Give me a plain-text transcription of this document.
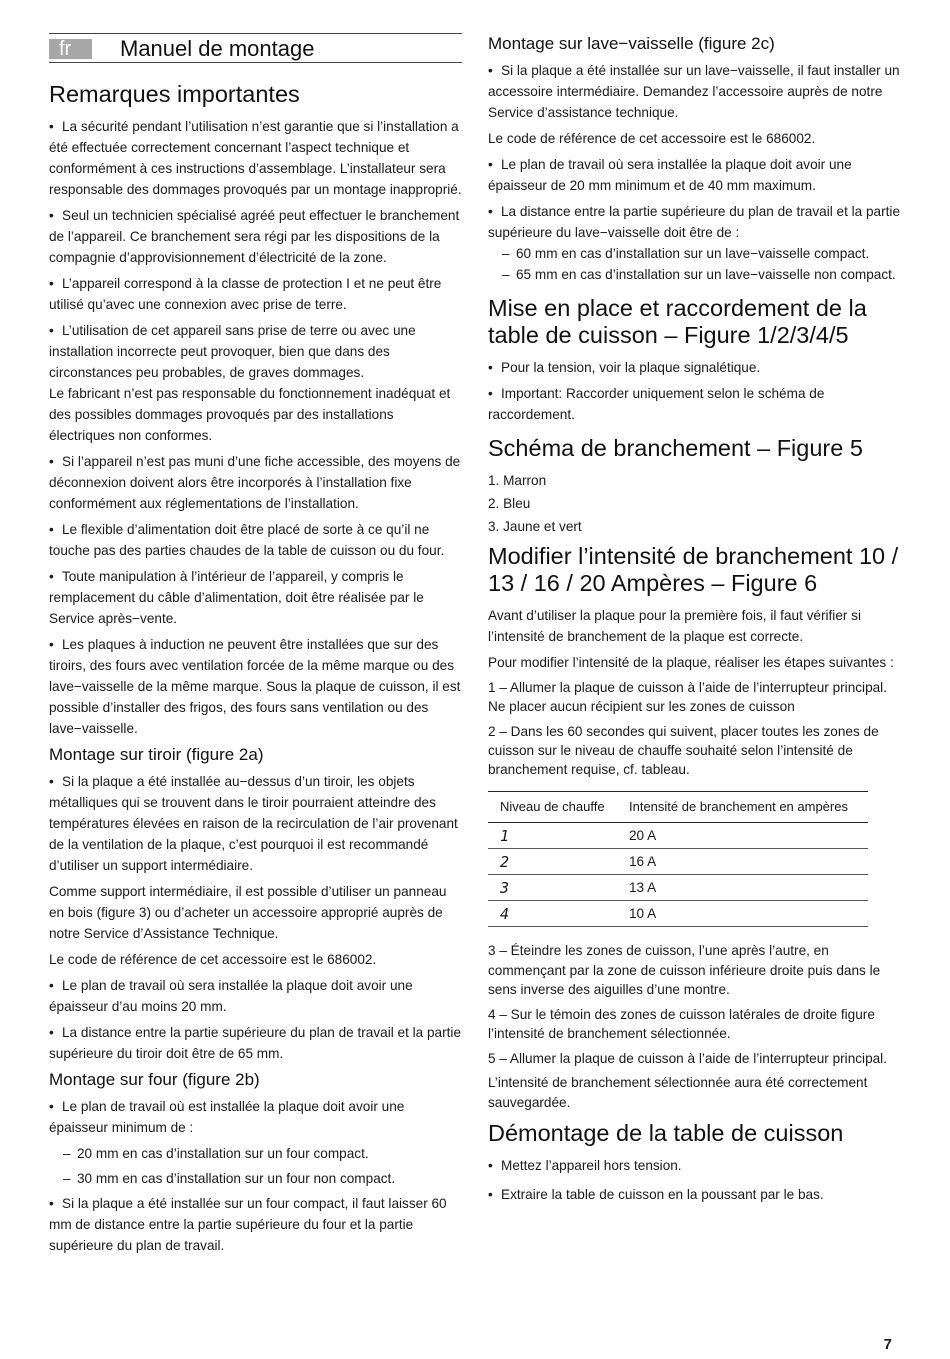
fr	Manuel de montage
Remarques importantes
• La sécurité pendant l’utilisation n’est garantie que si l’installation a été effectuée correctement concernant l’aspect technique et conformément à ces instructions d’assemblage. L’installateur sera responsable des dommages provoqués par un montage inapproprié.
• Seul un technicien spécialisé agréé peut effectuer le branchement de l’appareil. Ce branchement sera régi par les dispositions de la compagnie d’approvisionnement d’électricité de la zone.
• L’appareil correspond à la classe de protection I et ne peut être utilisé qu’avec une connexion avec prise de terre.
• L’utilisation de cet appareil sans prise de terre ou avec une installation incorrecte peut provoquer, bien que dans des circonstances peu probables, de graves dommages.
Le fabricant n’est pas responsable du fonctionnement inadéquat et des possibles dommages provoqués par des installations électriques non conformes.
• Si l’appareil n’est pas muni d’une fiche accessible, des moyens de déconnexion doivent alors être incorporés à l’installation fixe conformément aux réglementations de l’installation.
• Le flexible d’alimentation doit être placé de sorte à ce qu’il ne touche pas des parties chaudes de la table de cuisson ou du four.
• Toute manipulation à l’intérieur de l’appareil, y compris le remplacement du câble d’alimentation, doit être réalisée par le Service après−vente.
• Les plaques à induction ne peuvent être installées que sur des tiroirs, des fours avec ventilation forcée de la même marque ou des lave−vaisselle de la même marque. Sous la plaque de cuisson, il est possible d’installer des frigos, des fours sans ventilation ou des lave−vaisselle.
Montage sur tiroir (figure 2a)
• Si la plaque a été installée au−dessus d’un tiroir, les objets métalliques qui se trouvent dans le tiroir pourraient atteindre des températures élevées en raison de la recirculation de l’air provenant de la ventilation de la plaque, c’est pourquoi il est recommandé d’utiliser un support intermédiaire.

Comme support intermédiaire, il est possible d’utiliser un panneau en bois (figure 3) ou d’acheter un accessoire approprié auprès de notre Service d’Assistance Technique.

Le code de référence de cet accessoire est le 686002.

• Le plan de travail où sera installée la plaque doit avoir une épaisseur d’au moins 20 mm.
• La distance entre la partie supérieure du plan de travail et la partie supérieure du tiroir doit être de 65 mm.
Montage sur four (figure 2b)
• Le plan de travail où est installée la plaque doit avoir une épaisseur minimum de :
– 20 mm en cas d’installation sur un four compact.
– 30 mm en cas d’installation sur un four non compact.
• Si la plaque a été installée sur un four compact, il faut laisser 60 mm de distance entre la partie supérieure du four et la partie supérieure du plan de travail.
Montage sur lave−vaisselle (figure 2c)
• Si la plaque a été installée sur un lave−vaisselle, il faut installer un accessoire intermédiaire. Demandez l’accessoire auprès de notre Service d’assistance technique.

Le code de référence de cet accessoire est le 686002.

• Le plan de travail où sera installée la plaque doit avoir une épaisseur de 20 mm minimum et de 40 mm maximum.
• La distance entre la partie supérieure du plan de travail et la partie supérieure du lave−vaisselle doit être de :
– 60 mm en cas d’installation sur un lave−vaisselle compact.
– 65 mm en cas d’installation sur un lave−vaisselle non compact.
Mise en place et raccordement de la table de cuisson – Figure 1/2/3/4/5
• Pour la tension, voir la plaque signalétique.
• Important: Raccorder uniquement selon le schéma de raccordement.
Schéma de branchement – Figure 5
1. Marron
2. Bleu
3. Jaune et vert
Modifier l’intensité de branchement 10 / 13 / 16 / 20 Ampères – Figure 6

Avant d’utiliser la plaque pour la première fois, il faut vérifier si l’intensité de branchement de la plaque est correcte.

Pour modifier l’intensité de la plaque, réaliser les étapes suivantes :

1 – Allumer la plaque de cuisson à l’aide de l’interrupteur principal.
Ne placer aucun récipient sur les zones de cuisson

2 – Dans les 60 secondes qui suivent, placer toutes les zones de cuisson sur le niveau de chauffe souhaité selon l’intensité de branchement requise, cf. tableau.

Niveau de chauffe	Intensité de branchement en ampères
1	20 A
2	16 A
3	13 A
4	10 A

3 – Éteindre les zones de cuisson, l’une après l’autre, en commençant par la zone de cuisson inférieure droite puis dans le sens inverse des aiguilles d’une montre.

4 – Sur le témoin des zones de cuisson latérales de droite figure l’intensité de branchement sélectionnée.

5 – Allumer la plaque de cuisson à l’aide de l’interrupteur principal.

L’intensité de branchement sélectionnée aura été correctement sauvegardée.

Démontage de la table de cuisson
• Mettez l’appareil hors tension.
• Extraire la table de cuisson en la poussant par le bas.
7
